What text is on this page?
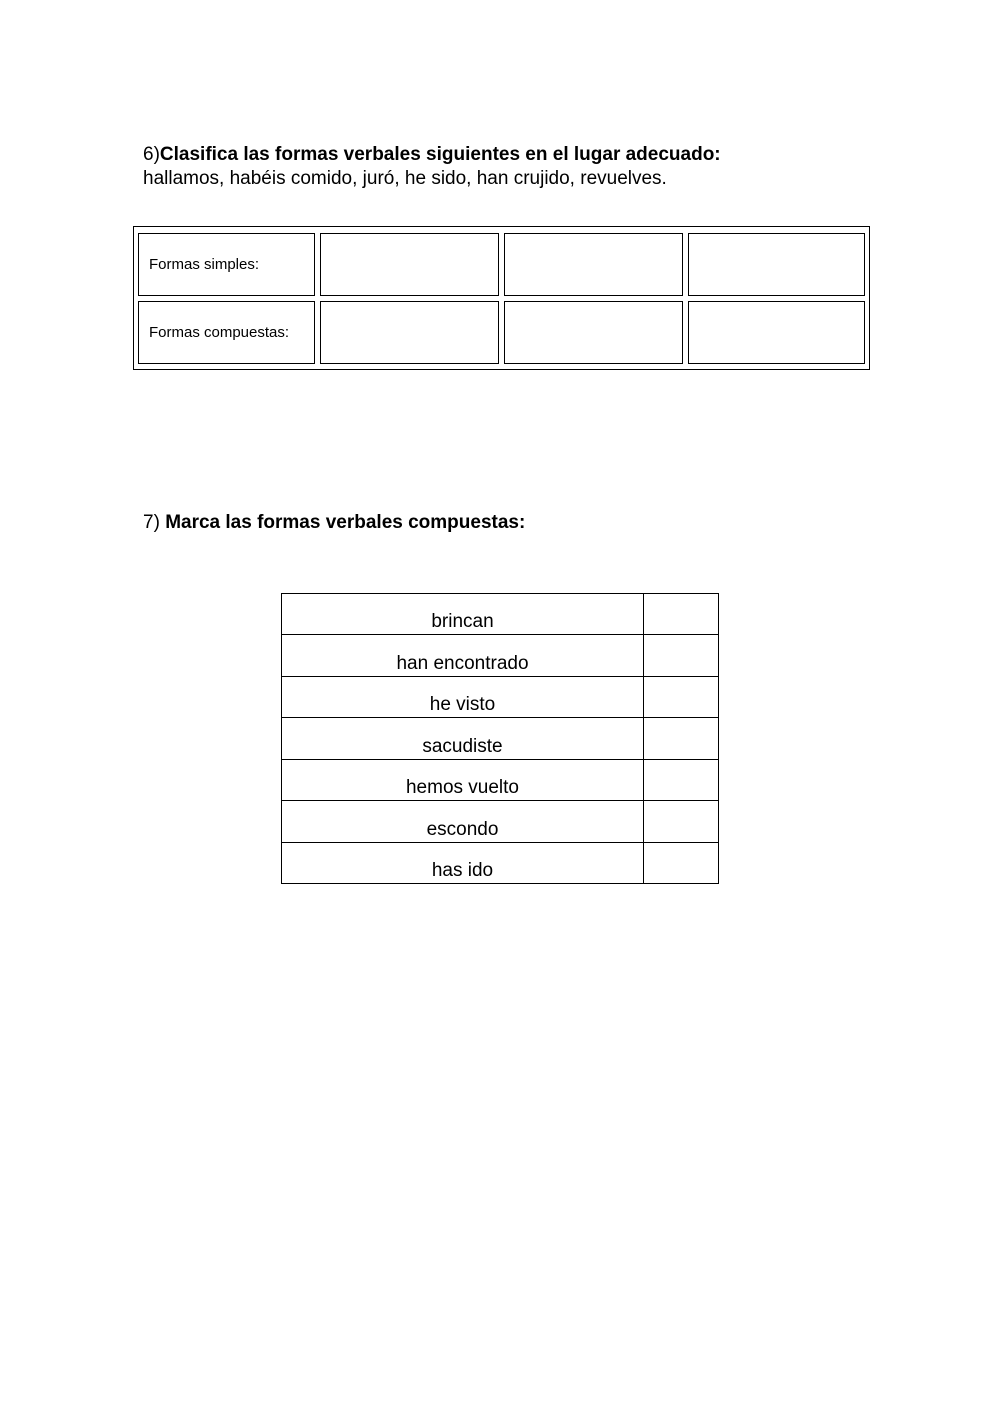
6)Clasifica las formas verbales siguientes en el lugar adecuado:
hallamos, habéis comido, juró, he sido, han crujido, revuelves.
Formas simples:
Formas compuestas:
7) Marca las formas verbales compuestas:
brincan	
han encontrado	
he visto	
sacudiste	
hemos vuelto	
escondo	
has ido	
